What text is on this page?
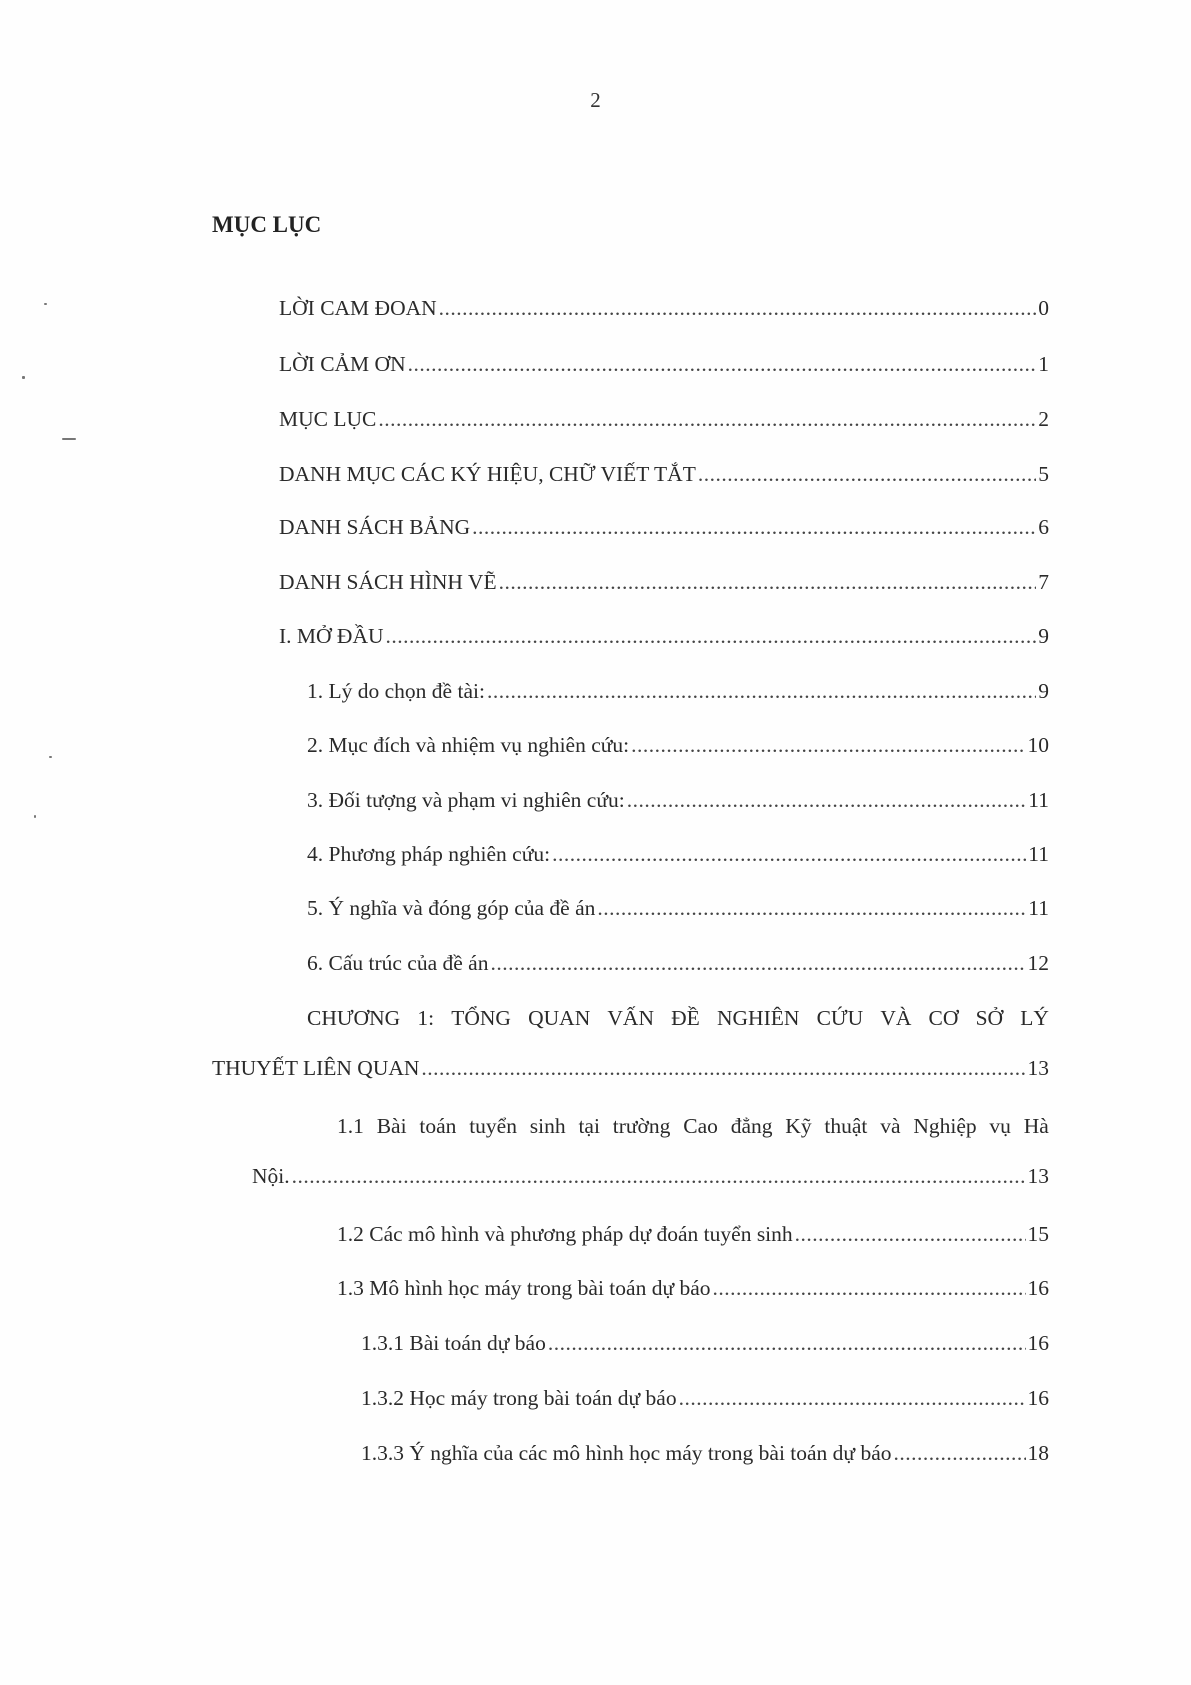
2
MỤC LỤC
LỜI CAM ĐOAN .....	0
LỜI CẢM ƠN .....	1
MỤC LỤC .....	2
DANH MỤC CÁC KÝ HIỆU, CHỮ VIẾT TẮT .....	5
DANH SÁCH BẢNG .....	6
DANH SÁCH HÌNH VẼ .....	7
I. MỞ ĐẦU .....	9
1. Lý do chọn đề tài: .....	9
2. Mục đích và nhiệm vụ nghiên cứu: .....	10
3. Đối tượng và phạm vi nghiên cứu: .....	11
4. Phương pháp nghiên cứu: .....	11
5. Ý nghĩa và đóng góp của đề án .....	11
6. Cấu trúc của đề án .....	12
CHƯƠNG 1: TỔNG QUAN VẤN ĐỀ NGHIÊN CỨU VÀ CƠ SỞ LÝ
THUYẾT LIÊN QUAN .....	13
1.1 Bài toán tuyển sinh tại trường Cao đẳng Kỹ thuật và Nghiệp vụ Hà
Nội. .....	13
1.2 Các mô hình và phương pháp dự đoán tuyển sinh .....	15
1.3 Mô hình học máy trong bài toán dự báo .....	16
1.3.1 Bài toán dự báo .....	16
1.3.2 Học máy trong bài toán dự báo .....	16
1.3.3 Ý nghĩa của các mô hình học máy trong bài toán dự báo .....	18
